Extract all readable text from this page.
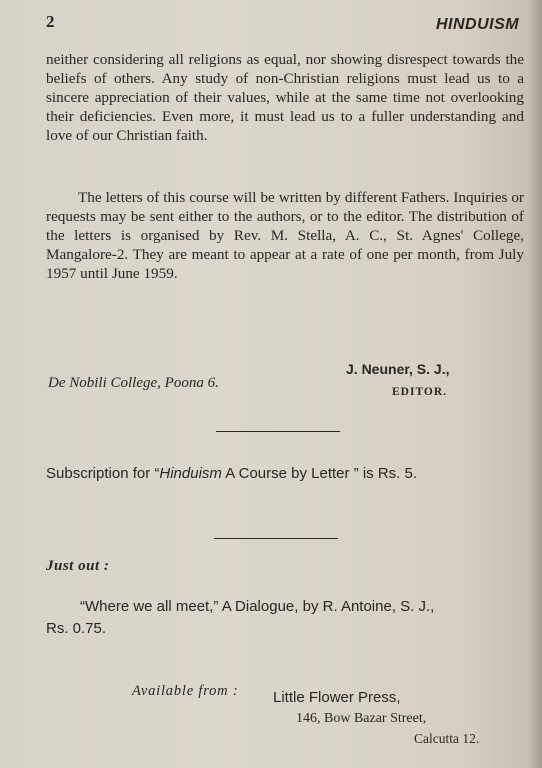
2	HINDUISM
neither considering all religions as equal, nor showing disrespect towards the beliefs of others. Any study of non-Christian religions must lead us to a sincere appreciation of their values, while at the same time not overlooking their deficiencies. Even more, it must lead us to a fuller understanding and love of our Christian faith.
The letters of this course will be written by different Fathers. Inquiries or requests may be sent either to the authors, or to the editor. The distribution of the letters is organised by Rev. M. Stella, A. C., St. Agnes' College, Mangalore-2. They are meant to appear at a rate of one per month, from July 1957 until June 1959.
J. Neuner, S. J.,
De Nobili College, Poona 6.
EDITOR.
Subscription for “Hinduism A Course by Letter ” is Rs. 5.
Just out :
“Where we all meet,” A Dialogue, by R. Antoine, S. J.,
Rs. 0.75.
Available from : Little Flower Press,
146, Bow Bazar Street,
Calcutta 12.
